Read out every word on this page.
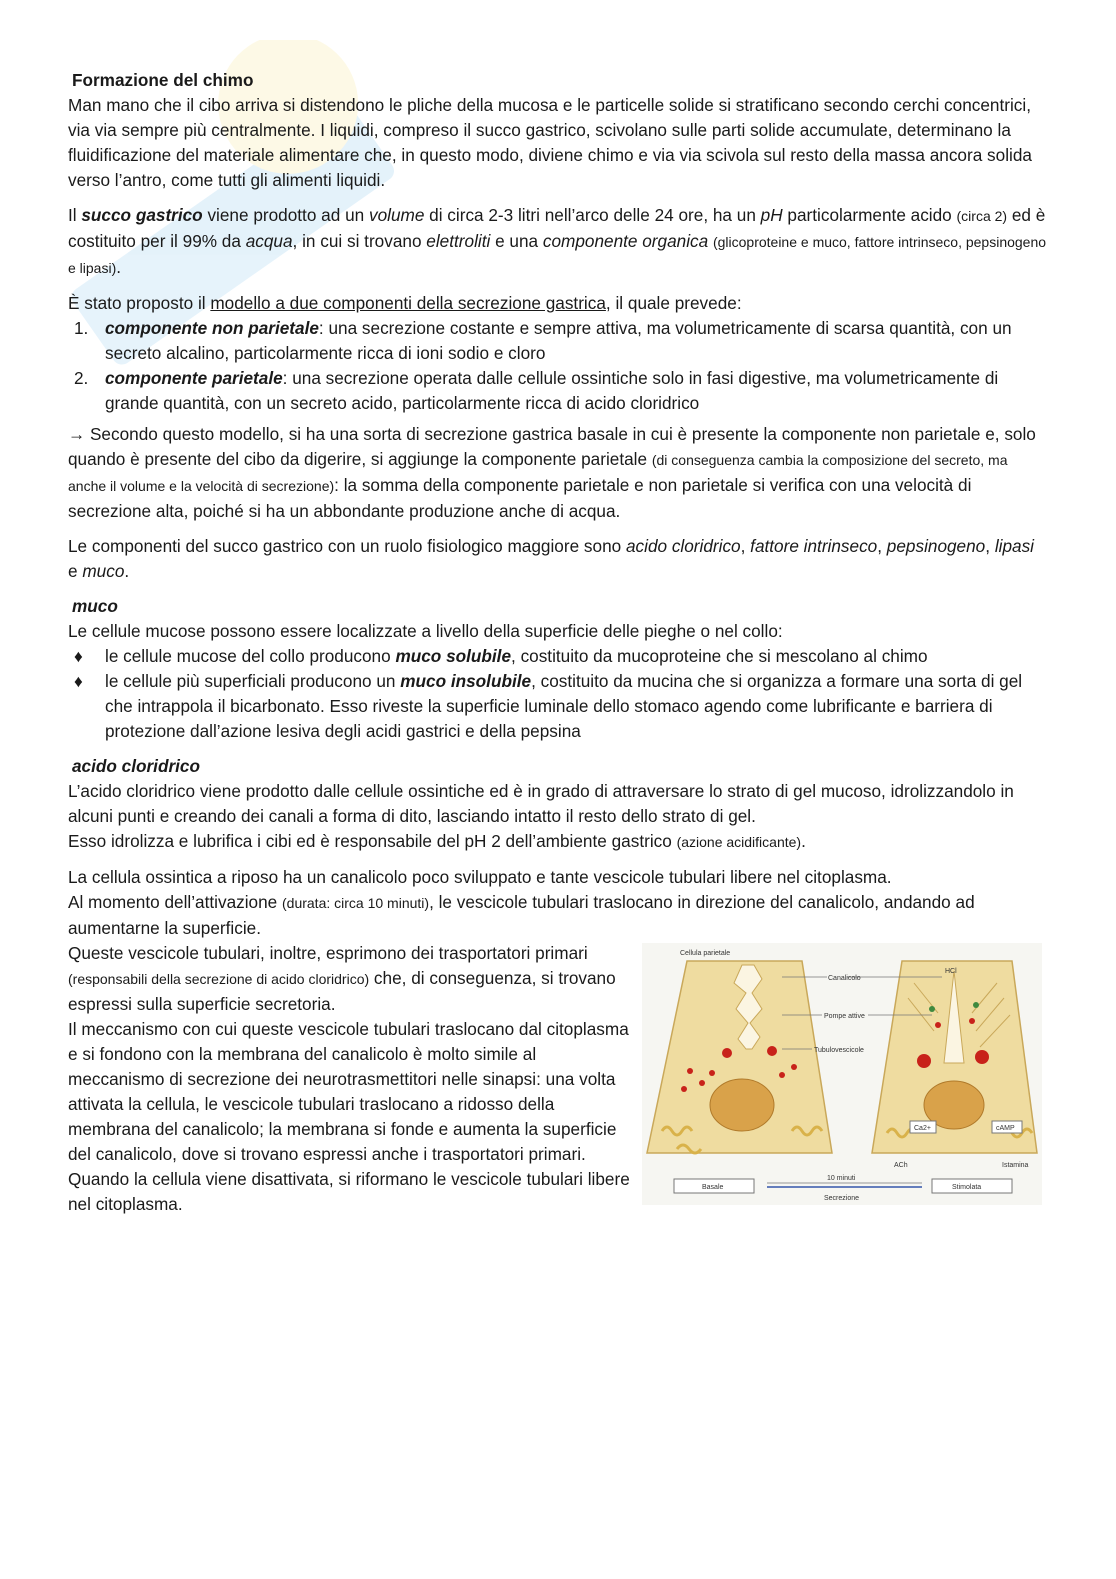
Formazione del chimo

Man mano che il cibo arriva si distendono le pliche della mucosa e le particelle solide si stratificano secondo cerchi concentrici, via via sempre più centralmente. I liquidi, compreso il succo gastrico, scivolano sulle parti solide accumulate, determinano la fluidificazione del materiale alimentare che, in questo modo, diviene chimo e via via scivola sul resto della massa ancora solida verso l’antro, come tutti gli alimenti liquidi.

Il succo gastrico viene prodotto ad un volume di circa 2-3 litri nell’arco delle 24 ore, ha un pH particolarmente acido (circa 2) ed è costituito per il 99% da acqua, in cui si trovano elettroliti e una componente organica (glicoproteine e muco, fattore intrinseco, pepsinogeno e lipasi).

È stato proposto il modello a due componenti della secrezione gastrica, il quale prevede:

1. componente non parietale: una secrezione costante e sempre attiva, ma volumetricamente di scarsa quantità, con un secreto alcalino, particolarmente ricca di ioni sodio e cloro
2. componente parietale: una secrezione operata dalle cellule ossintiche solo in fasi digestive, ma volumetricamente di grande quantità, con un secreto acido, particolarmente ricca di acido cloridrico

→ Secondo questo modello, si ha una sorta di secrezione gastrica basale in cui è presente la componente non parietale e, solo quando è presente del cibo da digerire, si aggiunge la componente parietale (di conseguenza cambia la composizione del secreto, ma anche il volume e la velocità di secrezione): la somma della componente parietale e non parietale si verifica con una velocità di secrezione alta, poiché si ha un abbondante produzione anche di acqua.

Le componenti del succo gastrico con un ruolo fisiologico maggiore sono acido cloridrico, fattore intrinseco, pepsinogeno, lipasi e muco.

muco

Le cellule mucose possono essere localizzate a livello della superficie delle pieghe o nel collo:

♦ le cellule mucose del collo producono muco solubile, costituito da mucoproteine che si mescolano al chimo
♦ le cellule più superficiali producono un muco insolubile, costituito da mucina che si organizza a formare una sorta di gel che intrappola il bicarbonato. Esso riveste la superficie luminale dello stomaco agendo come lubrificante e barriera di protezione dall’azione lesiva degli acidi gastrici e della pepsina

acido cloridrico

L’acido cloridrico viene prodotto dalle cellule ossintiche ed è in grado di attraversare lo strato di gel mucoso, idrolizzandolo in alcuni punti e creando dei canali a forma di dito, lasciando intatto il resto dello strato di gel.

Esso idrolizza e lubrifica i cibi ed è responsabile del pH 2 dell’ambiente gastrico (azione acidificante).

La cellula ossintica a riposo ha un canalicolo poco sviluppato e tante vescicole tubulari libere nel citoplasma.

Al momento dell’attivazione (durata: circa 10 minuti), le vescicole tubulari traslocano in direzione del canalicolo, andando ad aumentarne la superficie.

Queste vescicole tubulari, inoltre, esprimono dei trasportatori primari (responsabili della secrezione di acido cloridrico) che, di conseguenza, si trovano espressi sulla superficie secretoria.

Il meccanismo con cui queste vescicole tubulari traslocano dal citoplasma e si fondono con la membrana del canalicolo è molto simile al meccanismo di secrezione dei neurotrasmettitori nelle sinapsi: una volta attivata la cellula, le vescicole tubulari traslocano a ridosso della membrana del canalicolo; la membrana si fonde e aumenta la superficie del canalicolo, dove si trovano espressi anche i trasportatori primari.

Quando la cellula viene disattivata, si riformano le vescicole tubulari libere nel citoplasma.

Cellula parietale
Canalicolo
Pompe attive
Tubulovescicole
HCl
10 minuti
Basale	Stimolata
Secrezione
ACh	Istamina
Ca2+	cAMP
